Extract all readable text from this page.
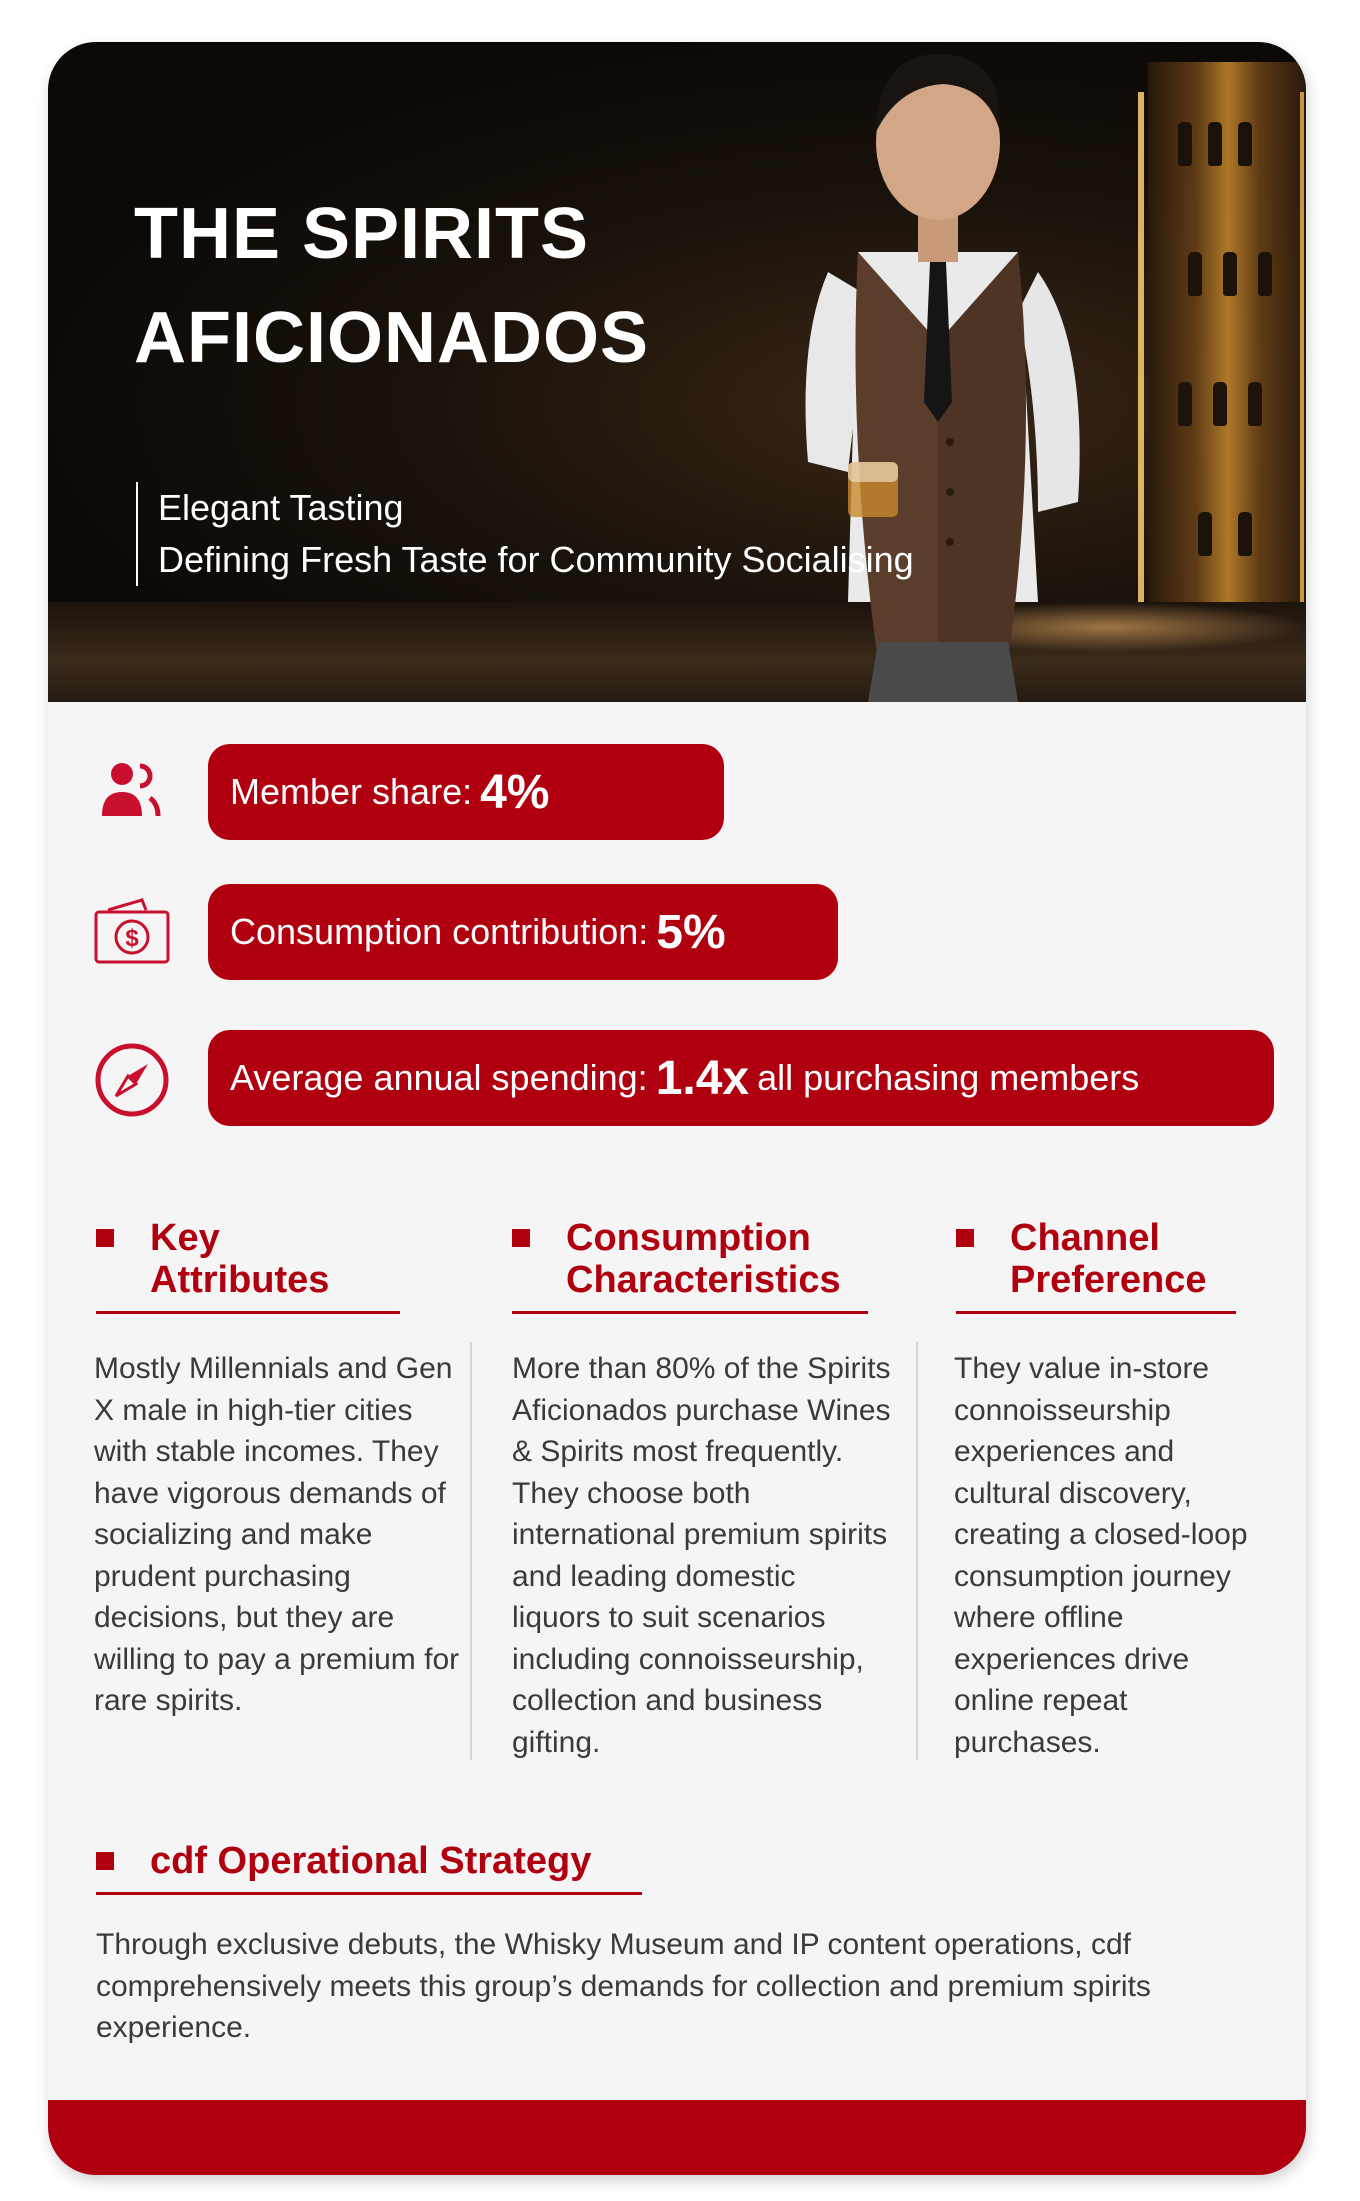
THE SPIRITS AFICIONADOS
Elegant Tasting
Defining Fresh Taste for Community Socialising
Member share: 4%
$	Consumption contribution: 5%
Average annual spending: 1.4x all purchasing members
Key
Attributes
Consumption
Characteristics
Channel
Preference
Mostly Millennials and Gen X male in high-tier cities with stable incomes. They have vigorous demands of socializing and make prudent purchasing decisions, but they are willing to pay a premium for rare spirits.
More than 80% of the Spirits Aficionados purchase Wines & Spirits most frequently. They choose both international premium spirits and leading domestic liquors to suit scenarios including connoisseurship, collection and business gifting.
They value in-store connoisseurship experiences and cultural discovery, creating a closed-loop consumption journey where offline experiences drive online repeat purchases.
cdf Operational Strategy
Through exclusive debuts, the Whisky Museum and IP content operations, cdf comprehensively meets this group’s demands for collection and premium spirits experience.
